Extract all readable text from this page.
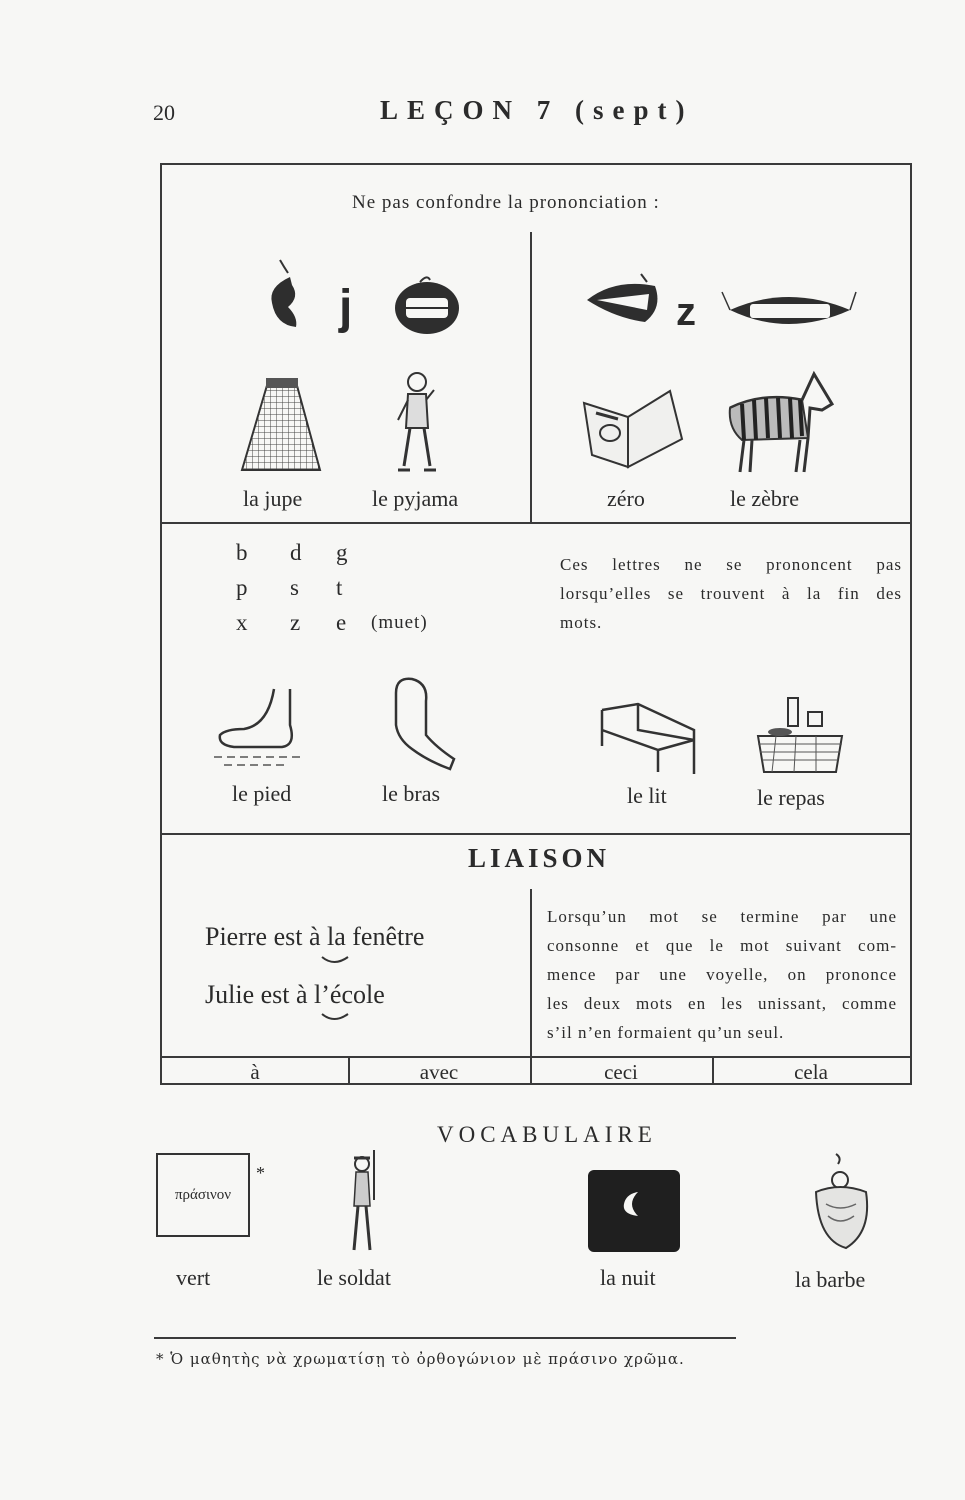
20	LEÇON 7 (sept)
Ne pas confondre la prononciation :
j	z
la jupe	le pyjama	zéro	le zèbre
b d g
p s t
x z e (muet)
Ces lettres ne se prononcent pas
lorsqu’elles se trouvent à la fin des
mots.
le pied	le bras	le lit	le repas
LIAISON
Pierre est à la fenêtre
Julie est à l’école
Lorsqu’un mot se termine par une
consonne et que le mot suivant com-
mence par une voyelle, on prononce
les deux mots en les unissant, comme
s’il n’en formaient qu’un seul.
à	avec	ceci	cela
VOCABULAIRE
πράσινον
*
vert	le soldat	la nuit	la barbe
* Ὁ μαθητὴς νὰ χρωματίσῃ τὸ ὀρθογώνιον μὲ πράσινο χρῶμα.
